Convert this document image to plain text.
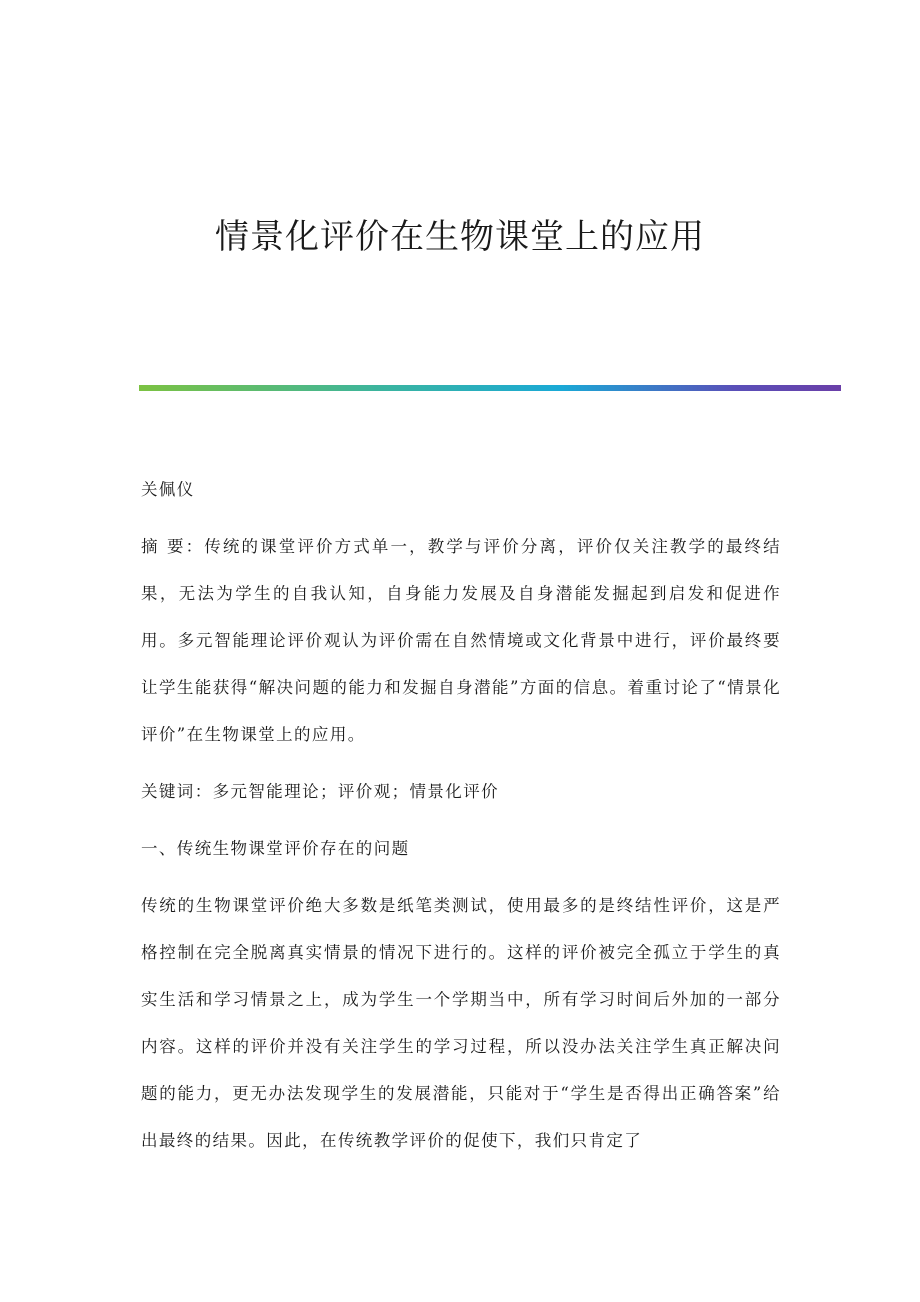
情景化评价在生物课堂上的应用

关佩仪

摘 要：传统的课堂评价方式单一，教学与评价分离，评价仅关注教学的最终结果，无法为学生的自我认知，自身能力发展及自身潜能发掘起到启发和促进作用。多元智能理论评价观认为评价需在自然情境或文化背景中进行，评价最终要让学生能获得“解决问题的能力和发掘自身潜能”方面的信息。着重讨论了“情景化评价”在生物课堂上的应用。

关键词：多元智能理论；评价观；情景化评价

一、传统生物课堂评价存在的问题

传统的生物课堂评价绝大多数是纸笔类测试，使用最多的是终结性评价，这是严格控制在完全脱离真实情景的情况下进行的。这样的评价被完全孤立于学生的真实生活和学习情景之上，成为学生一个学期当中，所有学习时间后外加的一部分内容。这样的评价并没有关注学生的学习过程，所以没办法关注学生真正解决问题的能力，更无办法发现学生的发展潜能，只能对于“学生是否得出正确答案”给出最终的结果。因此，在传统教学评价的促使下，我们只肯定了
